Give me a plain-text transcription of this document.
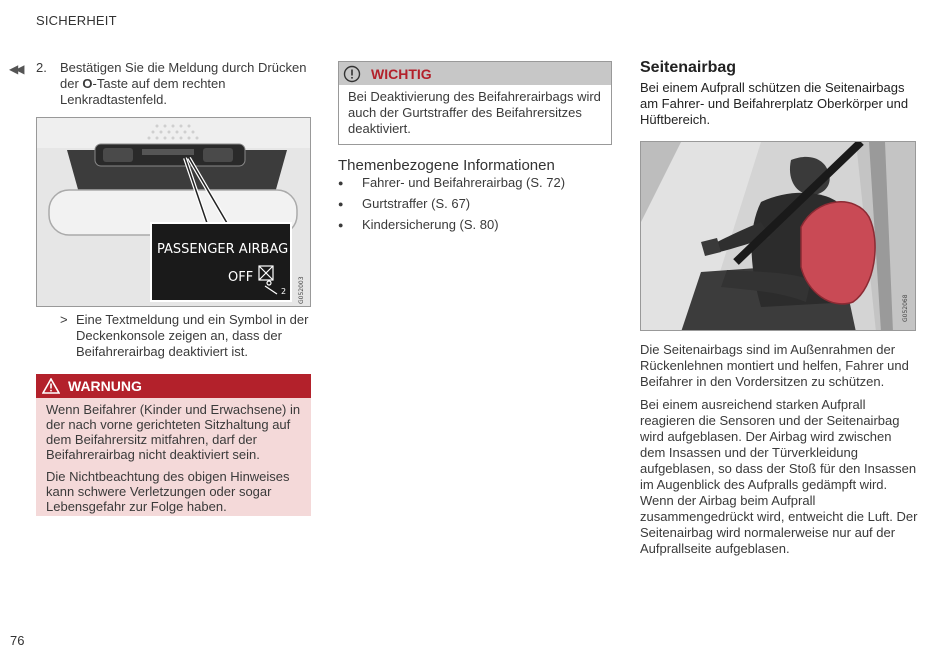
SICHERHEIT
◀◀ 2. Bestätigen Sie die Meldung durch Drücken der O-Taste auf dem rechten Lenkradtastenfeld.
PASSENGER AIRBAG
OFF
2 G052003
> Eine Textmeldung und ein Symbol in der Deckenkonsole zeigen an, dass der Beifahrerairbag deaktiviert ist.
WARNUNG

Wenn Beifahrer (Kinder und Erwachsene) in der nach vorne gerichteten Sitzhaltung auf dem Beifahrersitz mitfahren, darf der Beifahrerairbag nicht deaktiviert sein.

Die Nichtbeachtung des obigen Hinweises kann schwere Verletzungen oder sogar Lebensgefahr zur Folge haben.

WICHTIG
Bei Deaktivierung des Beifahrerairbags wird auch der Gurtstraffer des Beifahrersitzes deaktiviert.
Themenbezogene Informationen
● Fahrer- und Beifahrerairbag (S. 72)
● Gurtstraffer (S. 67)
● Kindersicherung (S. 80)
Seitenairbag
Bei einem Aufprall schützen die Seitenairbags am Fahrer- und Beifahrerplatz Oberkörper und Hüftbereich.
G052068

Die Seitenairbags sind im Außenrahmen der Rückenlehnen montiert und helfen, Fahrer und Beifahrer in den Vordersitzen zu schützen.

Bei einem ausreichend starken Aufprall reagieren die Sensoren und der Seitenairbag wird aufgeblasen. Der Airbag wird zwischen dem Insassen und der Türverkleidung aufgeblasen, so dass der Stoß für den Insassen im Augenblick des Aufpralls gedämpft wird. Wenn der Airbag beim Aufprall zusammengedrückt wird, entweicht die Luft. Der Seitenairbag wird normalerweise nur auf der Aufprallseite aufgeblasen.

76
